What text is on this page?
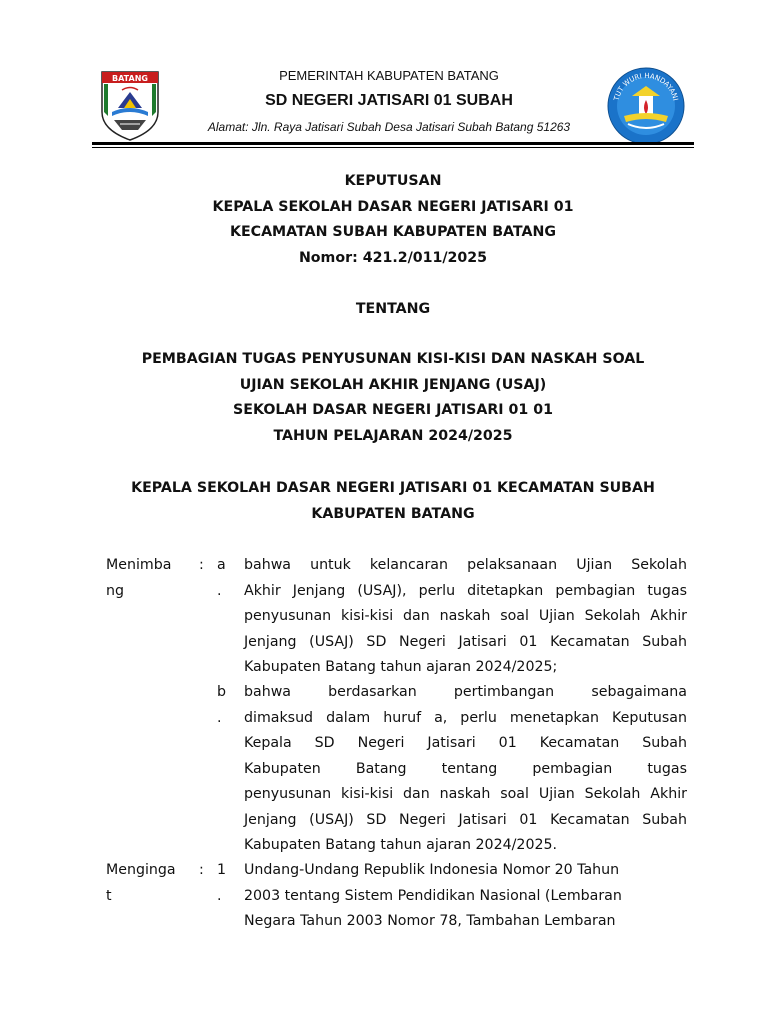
BATANG	PEMERINTAH KABUPATEN BATANG
SD NEGERI JATISARI 01 SUBAH
Alamat: Jln. Raya Jatisari Subah Desa Jatisari Subah Batang 51263
TUT WURI HANDAYANI
KEPUTUSAN
KEPALA SEKOLAH DASAR NEGERI JATISARI 01
KECAMATAN SUBAH KABUPATEN BATANG
Nomor: 421.2/011/2025
TENTANG
PEMBAGIAN TUGAS PENYUSUNAN KISI-KISI DAN NASKAH SOAL
UJIAN SEKOLAH AKHIR JENJANG (USAJ)
SEKOLAH DASAR NEGERI JATISARI 01 01
TAHUN PELAJARAN 2024/2025
KEPALA SEKOLAH DASAR NEGERI JATISARI 01 KECAMATAN SUBAH
KABUPATEN BATANG
Menimba
ng
: a
.
bahwa untuk kelancaran pelaksanaan Ujian Sekolah
Akhir Jenjang (USAJ), perlu ditetapkan pembagian tugas
penyusunan kisi-kisi dan naskah soal Ujian Sekolah Akhir
Jenjang (USAJ) SD Negeri Jatisari 01 Kecamatan Subah
Kabupaten Batang tahun ajaran 2024/2025;
b
.
bahwa berdasarkan pertimbangan sebagaimana
dimaksud dalam huruf a, perlu menetapkan Keputusan
Kepala SD Negeri Jatisari 01 Kecamatan Subah
Kabupaten Batang tentang pembagian tugas
penyusunan kisi-kisi dan naskah soal Ujian Sekolah Akhir
Jenjang (USAJ) SD Negeri Jatisari 01 Kecamatan Subah
Kabupaten Batang tahun ajaran 2024/2025.
Menginga
t
: 1
.
Undang-Undang Republik Indonesia Nomor 20 Tahun
2003 tentang Sistem Pendidikan Nasional (Lembaran
Negara Tahun 2003 Nomor 78, Tambahan Lembaran
